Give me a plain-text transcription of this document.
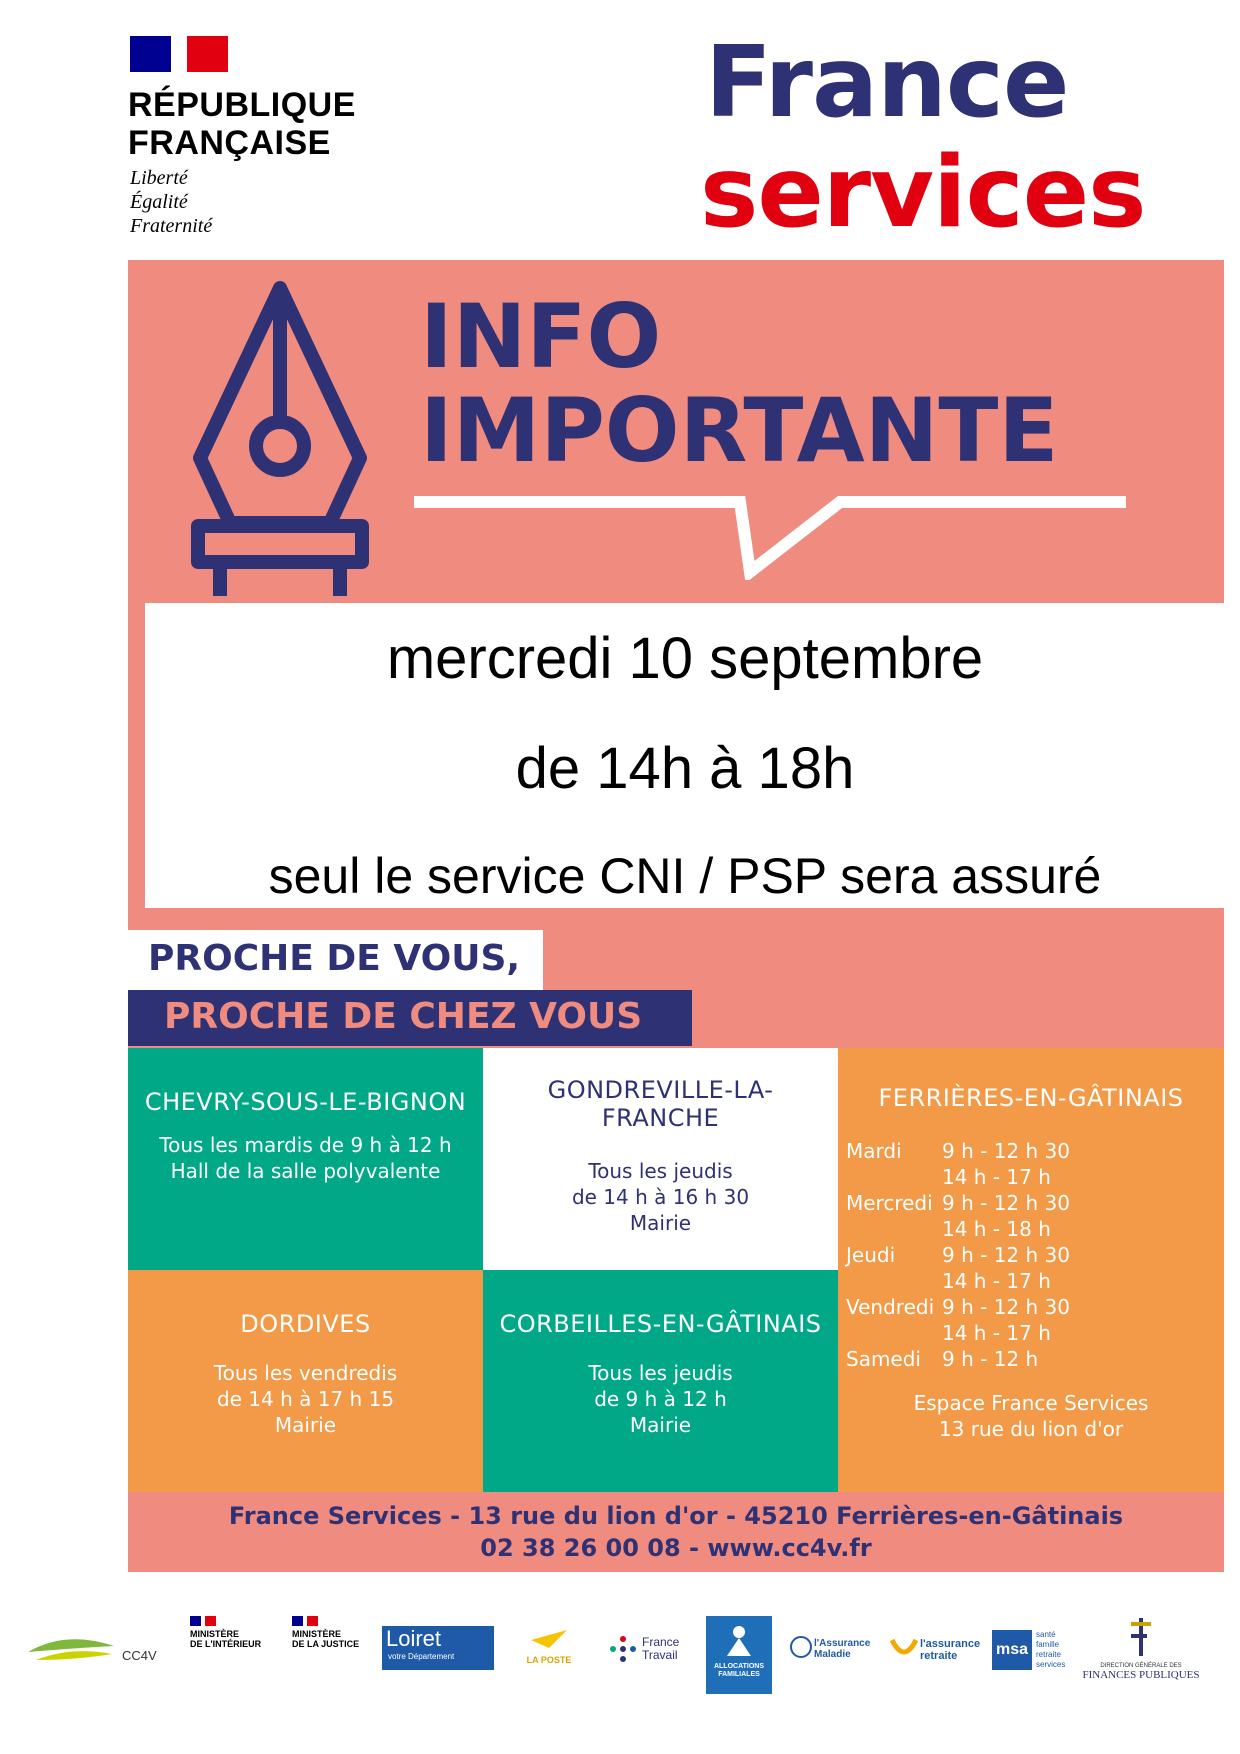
RÉPUBLIQUE
FRANÇAISE
Liberté
Égalité
Fraternité
France
services
INFO
IMPORTANTE
mercredi 10 septembre
de 14h à 18h
seul le service CNI / PSP sera assuré
PROCHE DE VOUS,
PROCHE DE CHEZ VOUS
CHEVRY-SOUS-LE-BIGNON
Tous les mardis de 9 h à 12 h
Hall de la salle polyvalente
GONDREVILLE-LA-
FRANCHE
Tous les jeudis
de 14 h à 16 h 30
Mairie
FERRIÈRES-EN-GÂTINAIS
Mardi	9 h - 12 h 30
14 h - 17 h
Mercredi 9 h - 12 h 30
14 h - 18 h
Jeudi	9 h - 12 h 30
14 h - 17 h
Vendredi 9 h - 12 h 30
14 h - 17 h
Samedi	9 h - 12 h
Espace France Services
13 rue du lion d'or
DORDIVES
Tous les vendredis
de 14 h à 17 h 15
Mairie
CORBEILLES-EN-GÂTINAIS
Tous les jeudis
de 9 h à 12 h
Mairie
France Services - 13 rue du lion d'or - 45210 Ferrières-en-Gâtinais
02 38 26 00 08 - www.cc4v.fr
CC4V
MINISTÈRE
DE L'INTÉRIEUR
MINISTÈRE
DE LA JUSTICE	Loiret
votre Département	LA POSTE
France
Travail
ALLOCATIONS
FAMILIALES
l'Assurance
Maladie
l'assurance
retraite	msa
santé
famille
retraite
services	DIRECTION GÉNÉRALE DES
FINANCES PUBLIQUES
